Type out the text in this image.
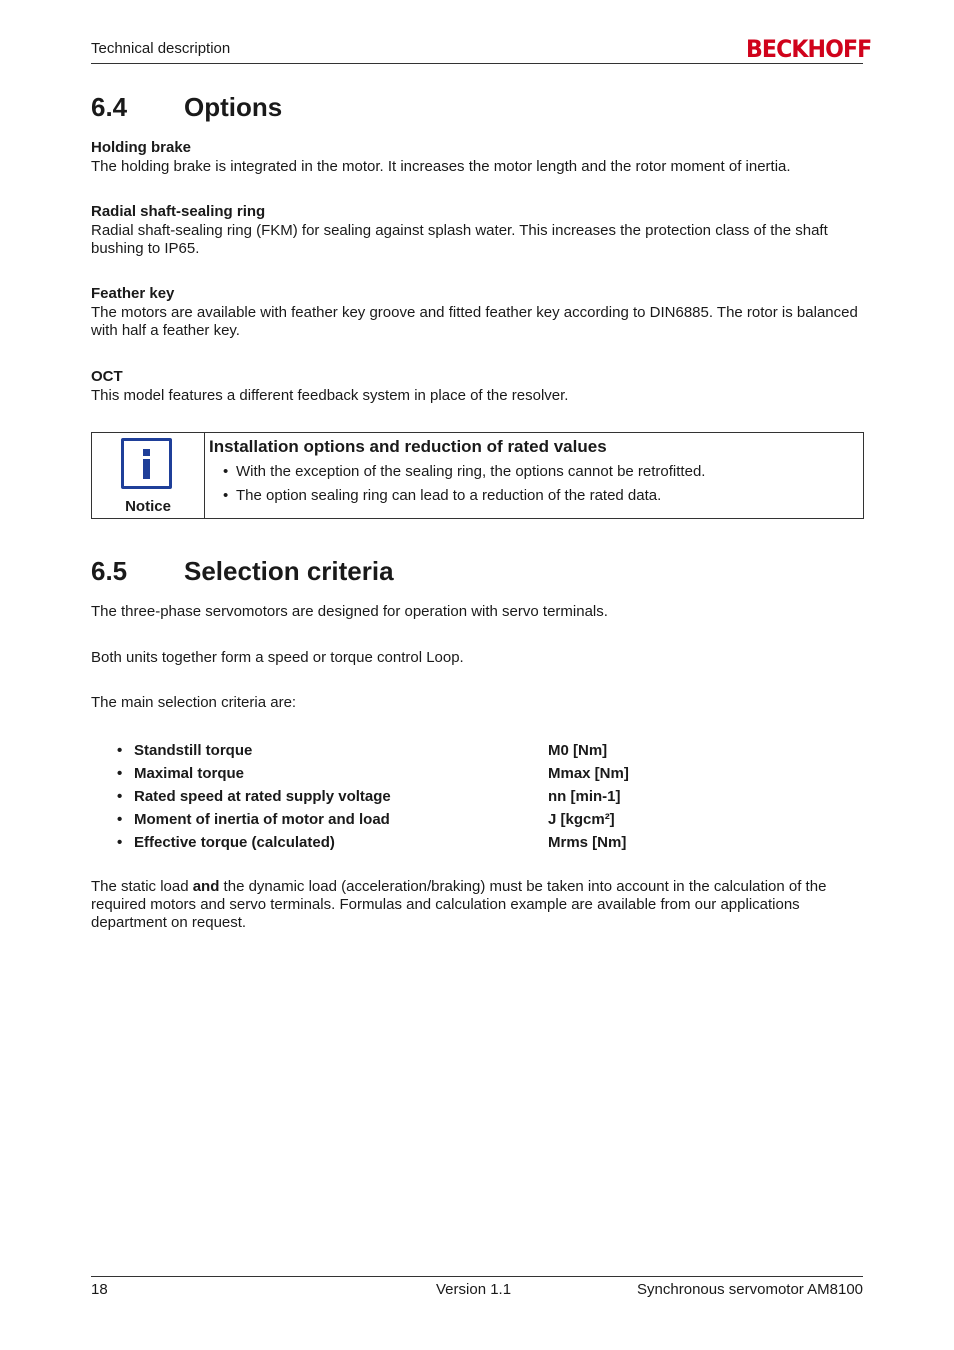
Technical description	BECKHOFF
6.4 Options
Holding brake
The holding brake is integrated in the motor. It increases the motor length and the rotor moment of inertia.
Radial shaft-sealing ring
Radial shaft-sealing ring (FKM) for sealing against splash water. This increases the protection class of the shaft bushing to IP65.
Feather key
The motors are available with feather key groove and fitted feather key according to DIN6885. The rotor is balanced with half a feather key.
OCT
This model features a different feedback system in place of the resolver.
Notice
Installation options and reduction of rated values
• With the exception of the sealing ring, the options cannot be retrofitted.
• The option sealing ring can lead to a reduction of the rated data.
6.5 Selection criteria
The three-phase servomotors are designed for operation with servo terminals.
Both units together form a speed or torque control Loop.
The main selection criteria are:
• Standstill torque	M0 [Nm]
• Maximal torque	Mmax [Nm]
• Rated speed at rated supply voltage	nn [min-1]
• Moment of inertia of motor and load	J [kgcm²]
• Effective torque (calculated)	Mrms [Nm]
The static load and the dynamic load (acceleration/braking) must be taken into account in the calculation of the required motors and servo terminals. Formulas and calculation example are available from our applications department on request.
18	Version 1.1	Synchronous servomotor AM8100
